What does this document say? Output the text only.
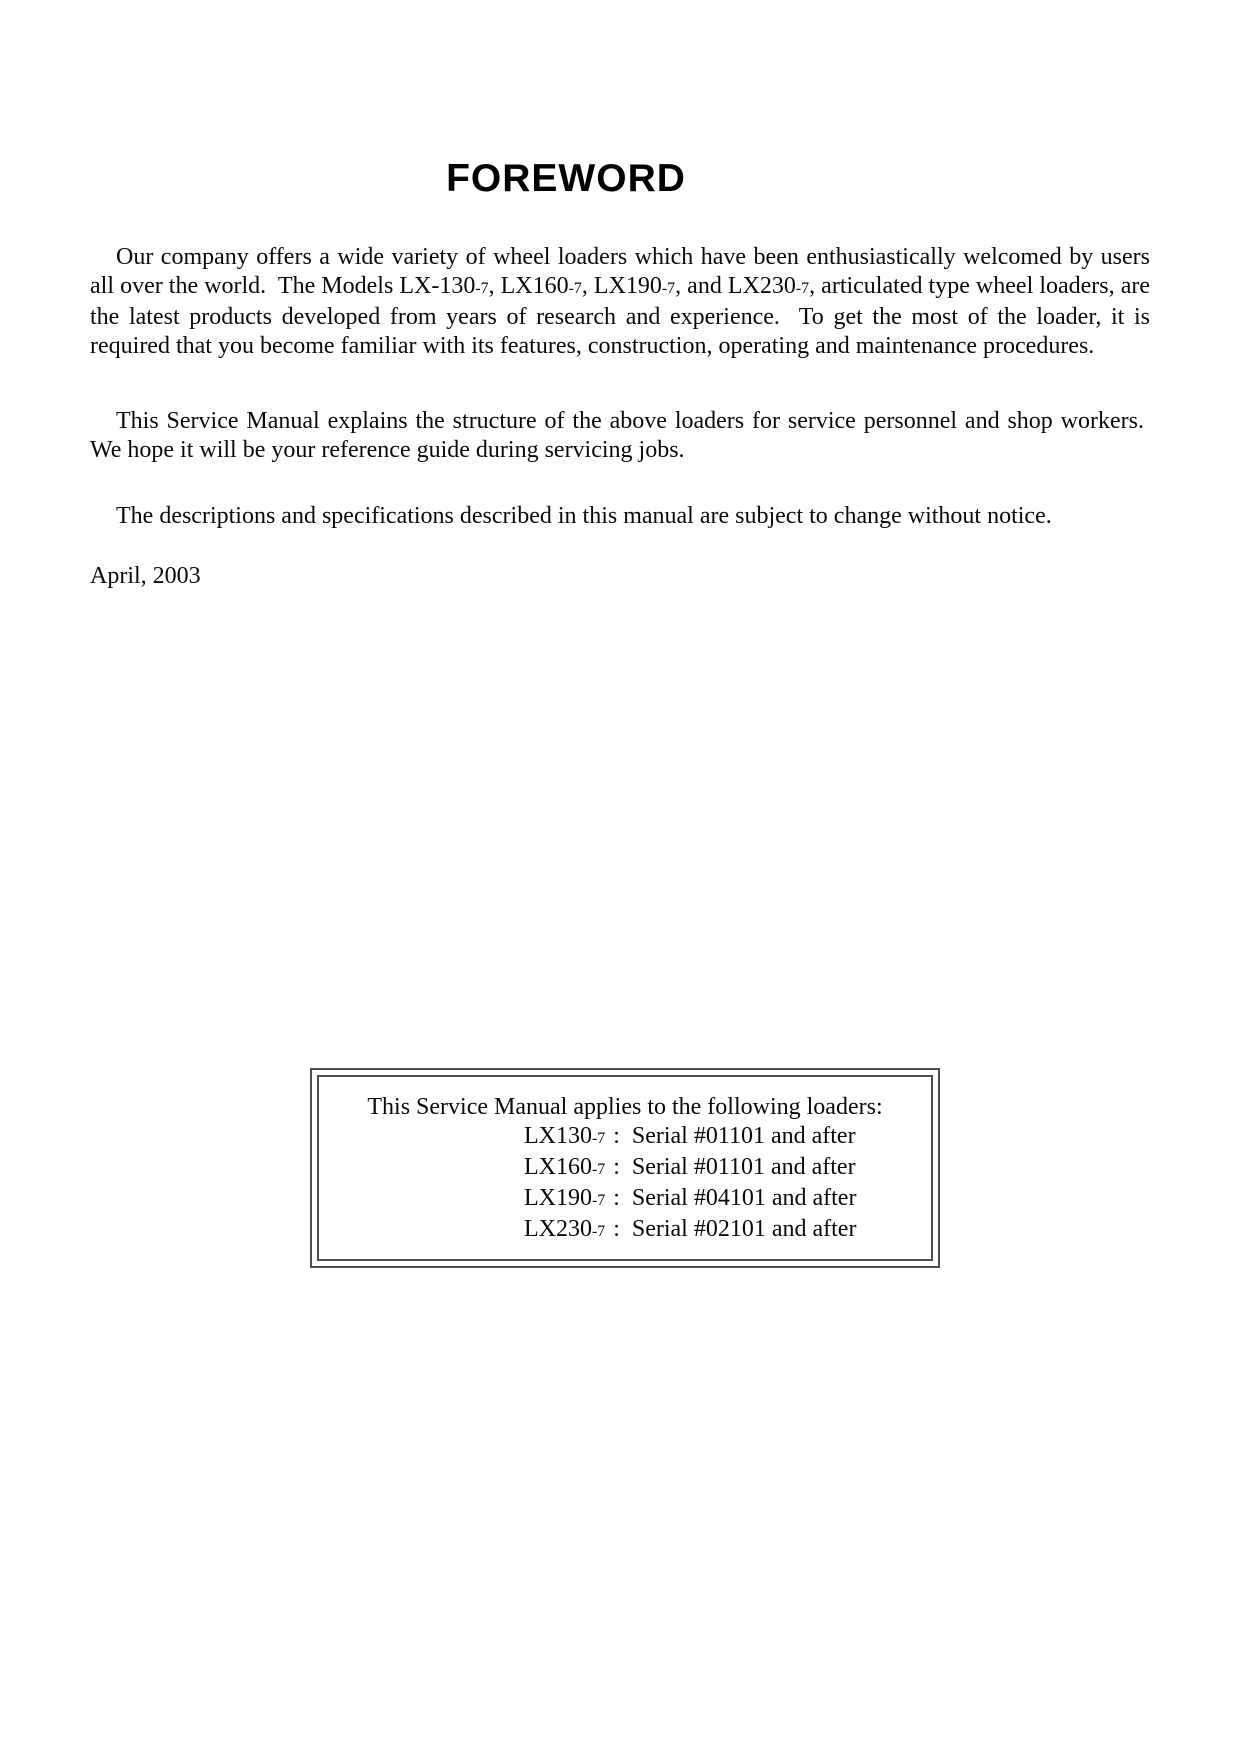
FOREWORD

Our company offers a wide variety of wheel loaders which have been enthusiastically welcomed by users all over the world.  The Models LX-130-7, LX160-7, LX190-7, and LX230-7, articulated type wheel loaders, are the latest products developed from years of research and experience.  To get the most of the loader, it is required that you become familiar with its features, construction, operating and maintenance procedures.

This Service Manual explains the structure of the above loaders for service personnel and shop workers.  We hope it will be your reference guide during servicing jobs.

The descriptions and specifications described in this manual are subject to change without notice.

April, 2003
This Service Manual applies to the following loaders:
LX130-7 : Serial #01101 and after
LX160-7 : Serial #01101 and after
LX190-7 : Serial #04101 and after
LX230-7 : Serial #02101 and after
